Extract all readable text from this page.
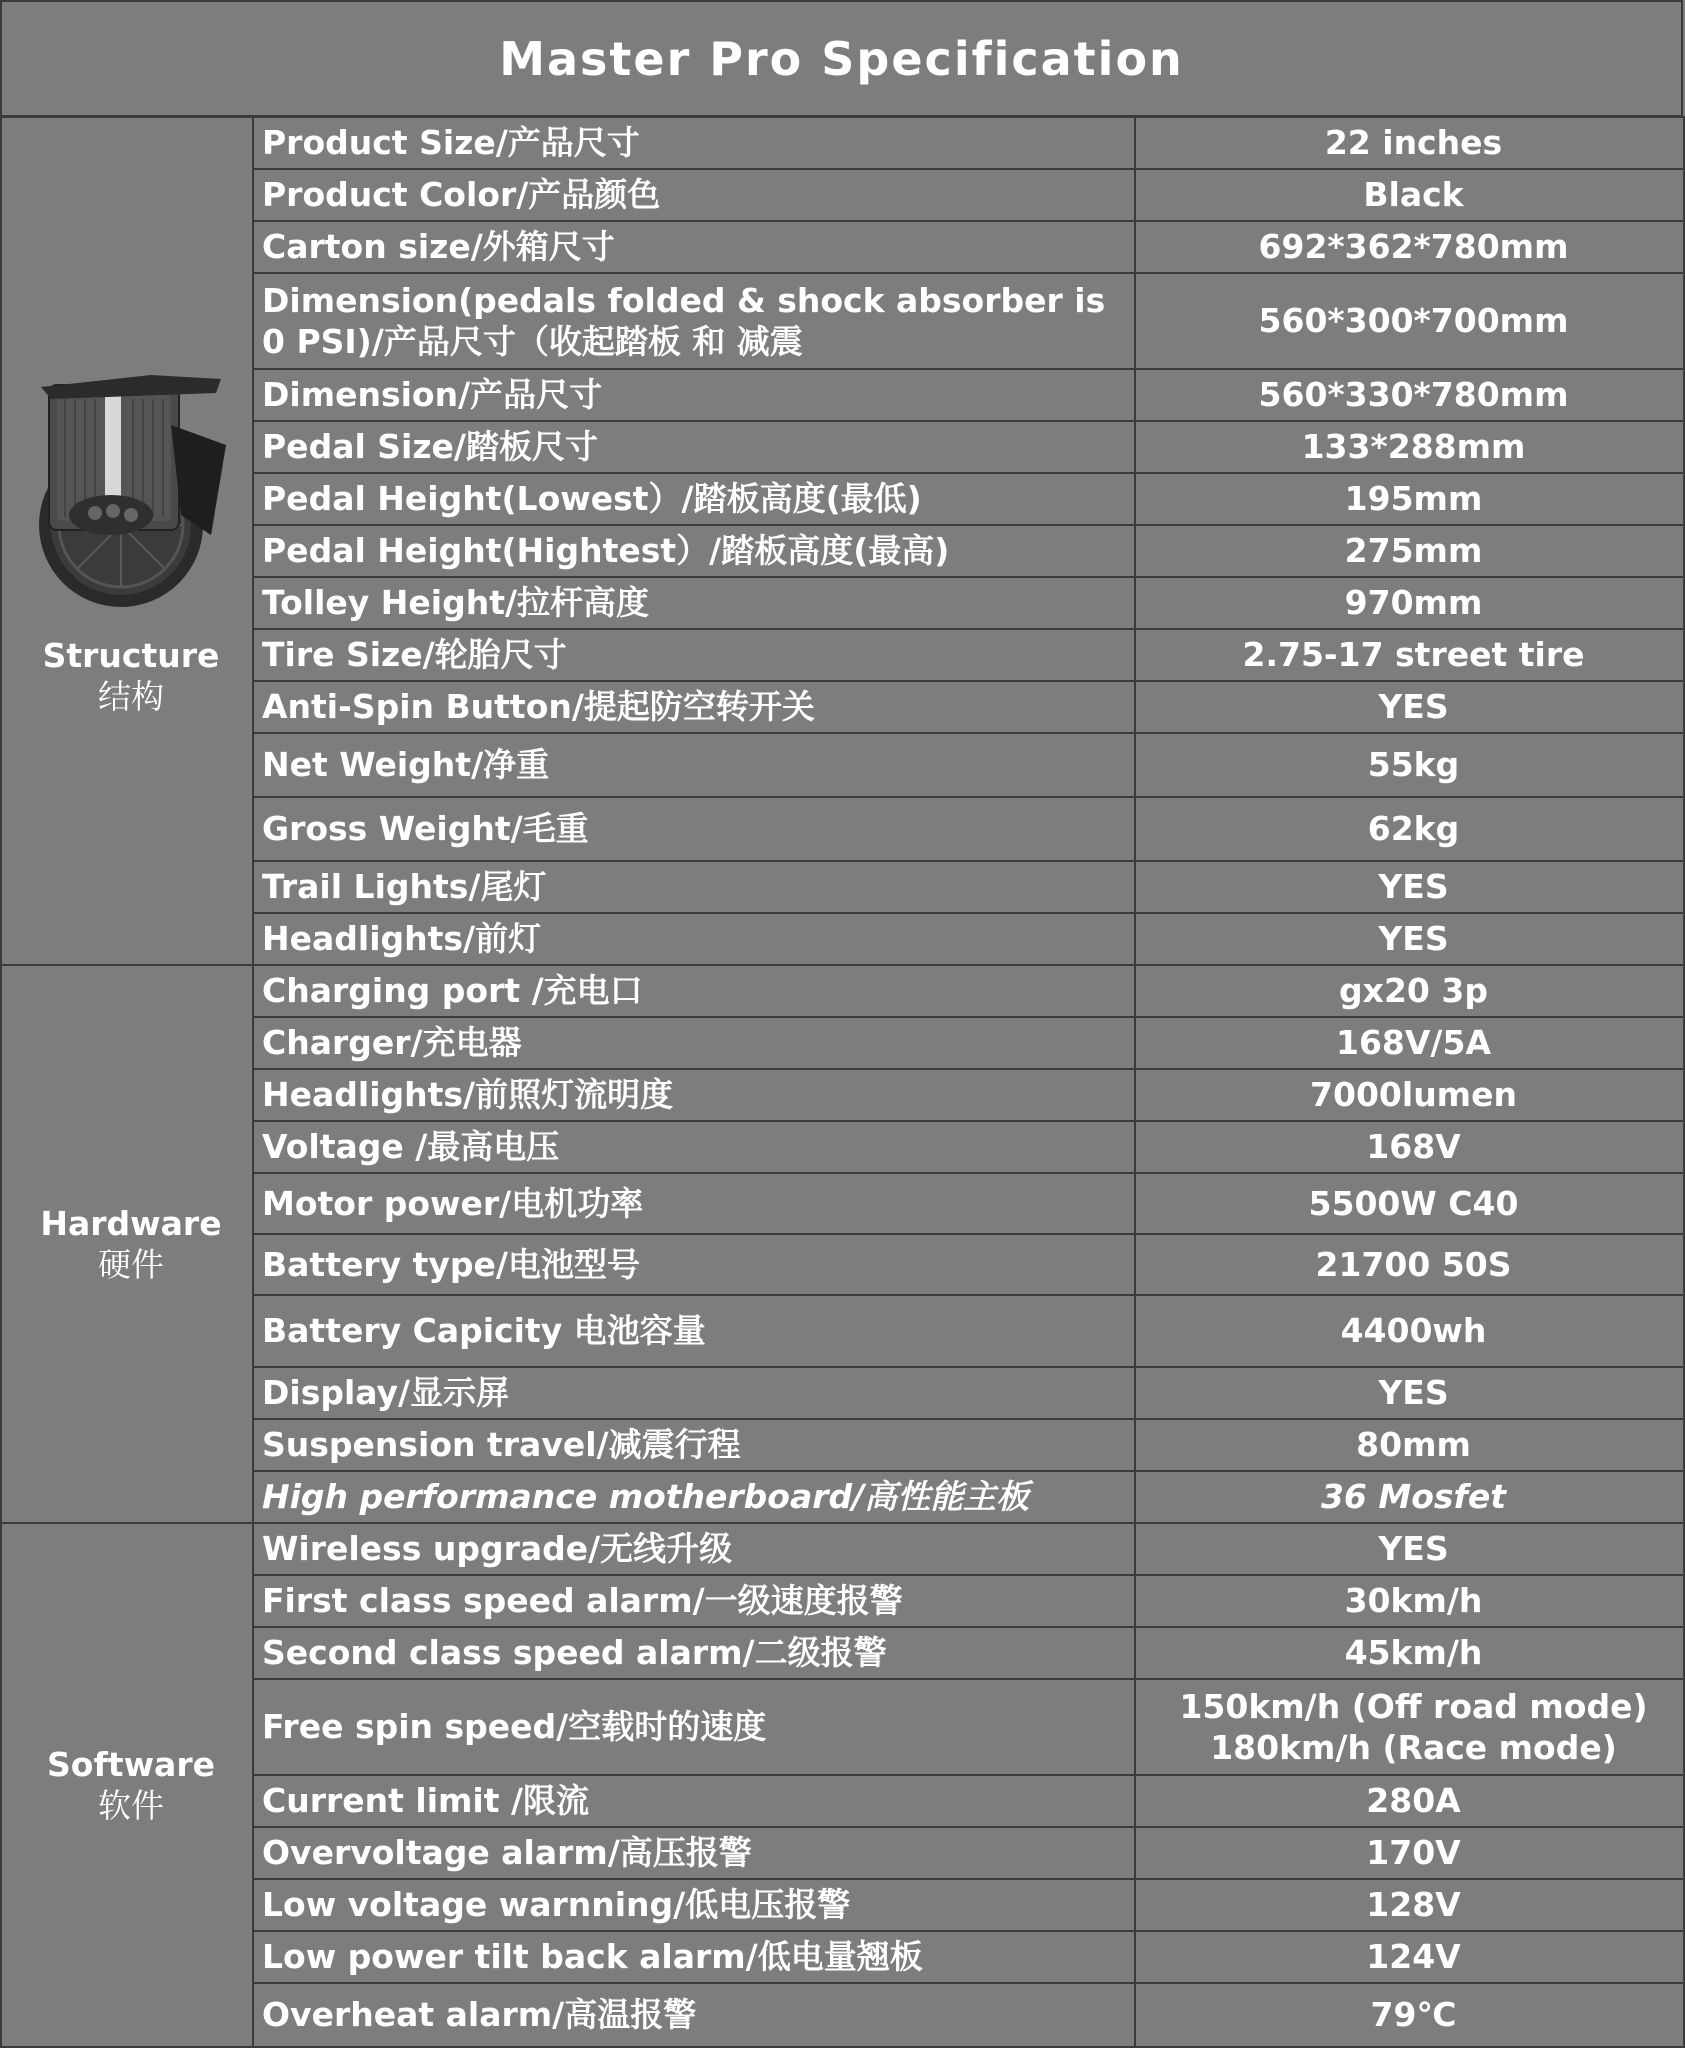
Master Pro Specification
Structure
结构	Product Size/产品尺寸	22 inches
	Product Color/产品颜色	Black
	Carton size/外箱尺寸	692*362*780mm
	Dimension(pedals folded & shock absorber is 0 PSI)/产品尺寸（收起踏板 和 减震	560*300*700mm
	Dimension/产品尺寸	560*330*780mm
	Pedal Size/踏板尺寸	133*288mm
	Pedal Height(Lowest）/踏板高度(最低)	195mm
	Pedal Height(Hightest）/踏板高度(最高)	275mm
	Tolley Height/拉杆高度	970mm
	Tire Size/轮胎尺寸	2.75-17 street tire
	Anti-Spin Button/提起防空转开关	YES
	Net Weight/净重	55kg
	Gross Weight/毛重	62kg
	Trail Lights/尾灯	YES
	Headlights/前灯	YES

Hardware
硬件	Charging port /充电口	gx20 3p
	Charger/充电器	168V/5A
	Headlights/前照灯流明度	7000lumen
	Voltage /最高电压	168V
	Motor power/电机功率	5500W C40
	Battery type/电池型号	21700 50S
	Battery Capicity 电池容量	4400wh
	Display/显示屏	YES
	Suspension travel/减震行程	80mm
	High performance motherboard/高性能主板	36 Mosfet

Software
软件	Wireless upgrade/无线升级	YES
	First class speed alarm/一级速度报警	30km/h
	Second class speed alarm/二级报警	45km/h
	Free spin speed/空载时的速度	150km/h (Off road mode)
180km/h (Race mode)
	Current limit /限流	280A
	Overvoltage alarm/高压报警	170V
	Low voltage warnning/低电压报警	128V
	Low power tilt back alarm/低电量翘板	124V
	Overheat alarm/高温报警	79℃
